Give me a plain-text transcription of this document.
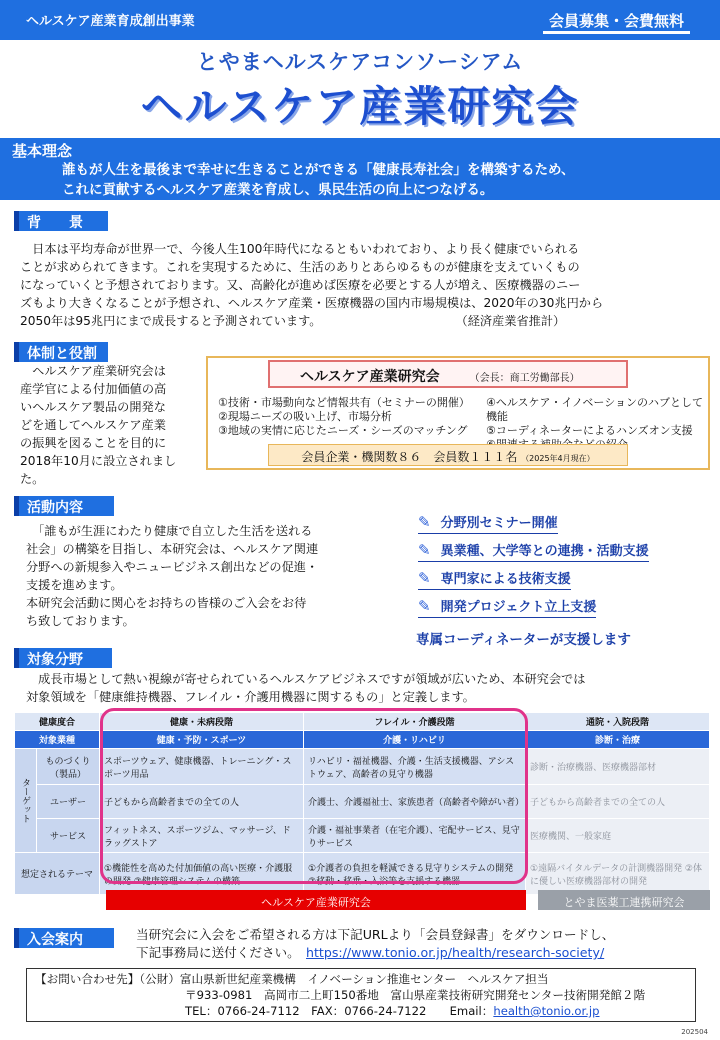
ヘルスケア産業育成創出事業	会員募集・会費無料
とやまヘルスケアコンソーシアム
ヘルスケア産業研究会
基本理念
誰もが人生を最後まで幸せに生きることができる「健康長寿社会」を構築するため、
これに貢献するヘルスケア産業を育成し、県民生活の向上につなげる。
背　　景
　日本は平均寿命が世界一で、今後人生100年時代になるともいわれており、より長く健康でいられる
ことが求められてきます。これを実現するために、生活のありとあらゆるものが健康を支えていくもの
になっていくと予想されております。又、高齢化が進めば医療を必要とする人が増え、医療機器のニー
ズもより大きくなることが予想され、ヘルスケア産業・医療機器の国内市場規模は、2020年の30兆円から
2050年は95兆円にまで成長すると予測されています。　　　　　　　　　　　　（経済産業省推計）
体制と役割
　ヘルスケア産業研究会は
産学官による付加価値の高
いヘルスケア製品の開発な
どを通してヘルスケア産業
の振興を図ることを目的に
2018年10月に設立されまし
た。
ヘルスケア産業研究会	（会長：商工労働部長）
①技術・市場動向など情報共有（セミナーの開催）
②現場ニーズの吸い上げ、市場分析
③地域の実情に応じたニーズ・シーズのマッチング
④ヘルスケア・イノベーションのハブとして機能
⑤コーディネーターによるハンズオン支援
会員企業・機関数８６　会員数１１１名 （2025年4月現在）
活動内容
　「誰もが生涯にわたり健康で自立した生活を送れる
社会」の構築を目指し、本研究会は、ヘルスケア関連
分野への新規参入やニュービジネス創出などの促進・
支援を進めます。
本研究会活動に関心をお持ちの皆様のご入会をお待
ち致しております。
✎ 分野別セミナー開催
✎ 異業種、大学等との連携・活動支援
✎ 専門家による技術支援
✎ 開発プロジェクト立上支援
専属コーディネーターが支援します
対象分野
　成長市場として熱い視線が寄せられているヘルスケアビジネスですが領域が広いため、本研究会では
対象領域を「健康維持機器、フレイル・介護用機器に関するもの」と定義します。
健康度合		健康・未病段階	フレイル・介護段階	通院・入院段階
対象業種		健康・予防・スポーツ	介護・リハビリ	診断・治療
ターゲット	ものづくり（製品）	スポーツウェア、健康機器、トレーニング・スポーツ用品	リハビリ・福祉機器、介護・生活支援機器、アシストウェア、高齢者の見守り機器	診断・治療機器、医療機器部材
	ユーザー	子どもから高齢者までの全ての人	介護士、介護福祉士、家族患者（高齢者や障がい者）	子どもから高齢者までの全ての人
	サービス	フィットネス、スポーツジム、マッサージ、ドラッグストア	介護・福祉事業者（在宅介護）、宅配サービス、見守りサービス	医療機関、一般家庭
想定されるテーマ		①機能性を高めた付加価値の高い医療・介護服の開発 ②健康管理システムの構築	①介護者の負担を軽減できる見守りシステムの開発 ②移動・移乗・入浴等を支援する機器	①遠隔バイタルデータの計測機器開発 ②体に優しい医療機器部材の開発
ヘルスケア産業研究会	とやま医薬工連携研究会
入会案内	当研究会に入会をご希望される方は下記URLより「会員登録書」をダウンロードし、
下記事務局に送付ください。　 https://www.tonio.or.jp/health/research-society/
【お問い合わせ先】（公財）富山県新世紀産業機構　イノベーション推進センター　ヘルスケア担当
〒933-0981　高岡市二上町150番地　富山県産業技術研究開発センター技術開発館２階
TEL：0766-24-7112　FAX：0766-24-7122　　Email：health@tonio.or.jp
202504
